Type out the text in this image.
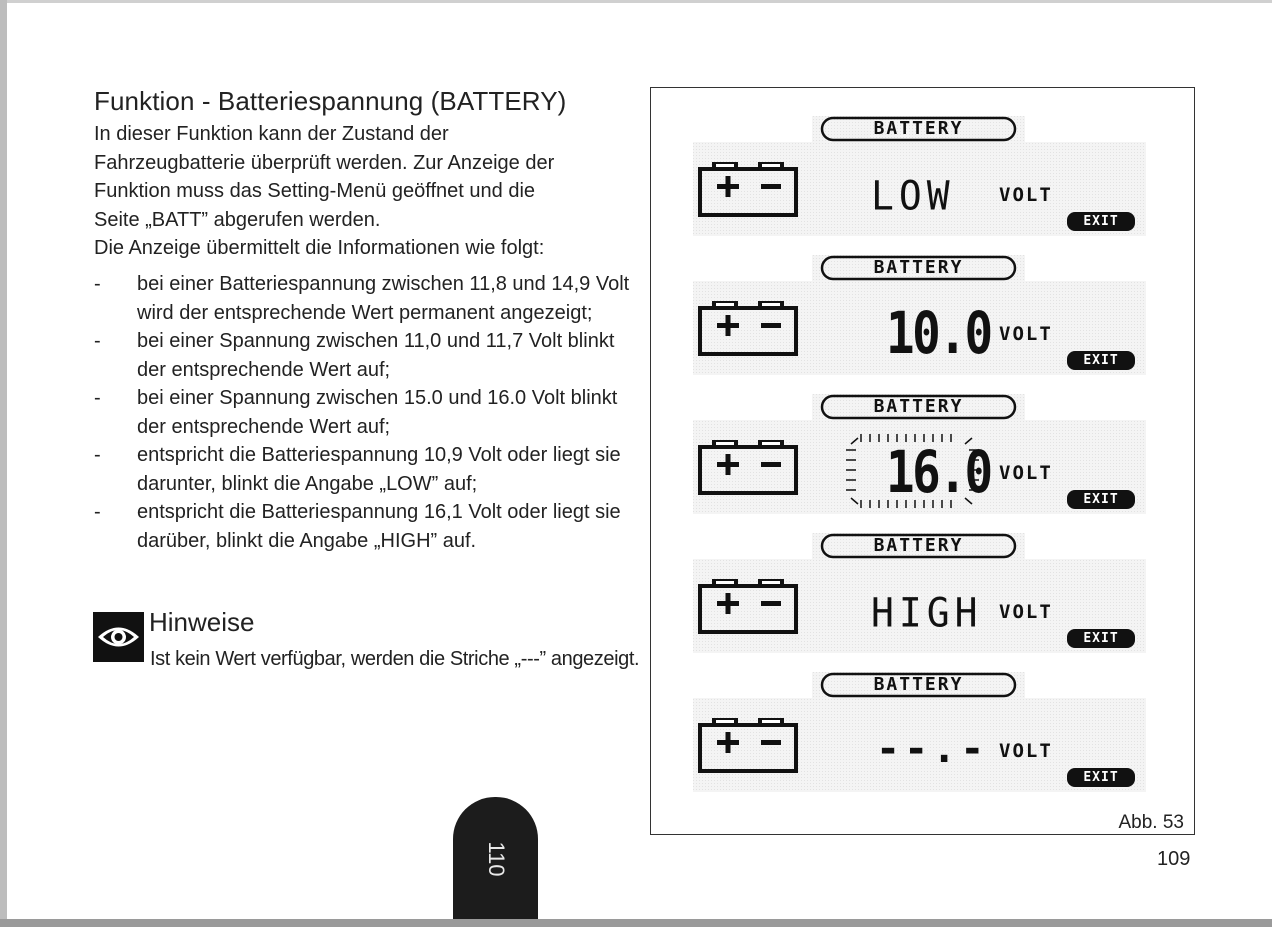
Funktion - Batteriespannung (BATTERY)

In dieser Funktion kann der Zustand der
Fahrzeugbatterie überprüft werden. Zur Anzeige der
Funktion muss das Setting-Menü geöffnet und die
Seite „BATT” abgerufen werden.
Die Anzeige übermittelt die Informationen wie folgt:

- bei einer Batteriespannung zwischen 11,8 und 14,9 Volt wird der entsprechende Wert permanent angezeigt;
- bei einer Spannung zwischen 11,0 und 11,7 Volt blinkt der entsprechende Wert auf;
- bei einer Spannung zwischen 15.0 und 16.0 Volt blinkt der entsprechende Wert auf;
- entspricht die Batteriespannung 10,9 Volt oder liegt sie darunter, blinkt die Angabe „LOW” auf;
- entspricht die Batteriespannung 16,1 Volt oder liegt sie darüber, blinkt die Angabe „HIGH” auf.
Hinweise

Ist kein Wert verfügbar, werden die Striche „---” angezeigt.

110
BATTERY
LOW VOLT
EXIT
BATTERY
10.0 VOLT
EXIT
BATTERY
16.0 VOLT
EXIT
BATTERY
HIGH VOLT
EXIT
BATTERY
--.- VOLT
EXIT
Abb. 53
109
